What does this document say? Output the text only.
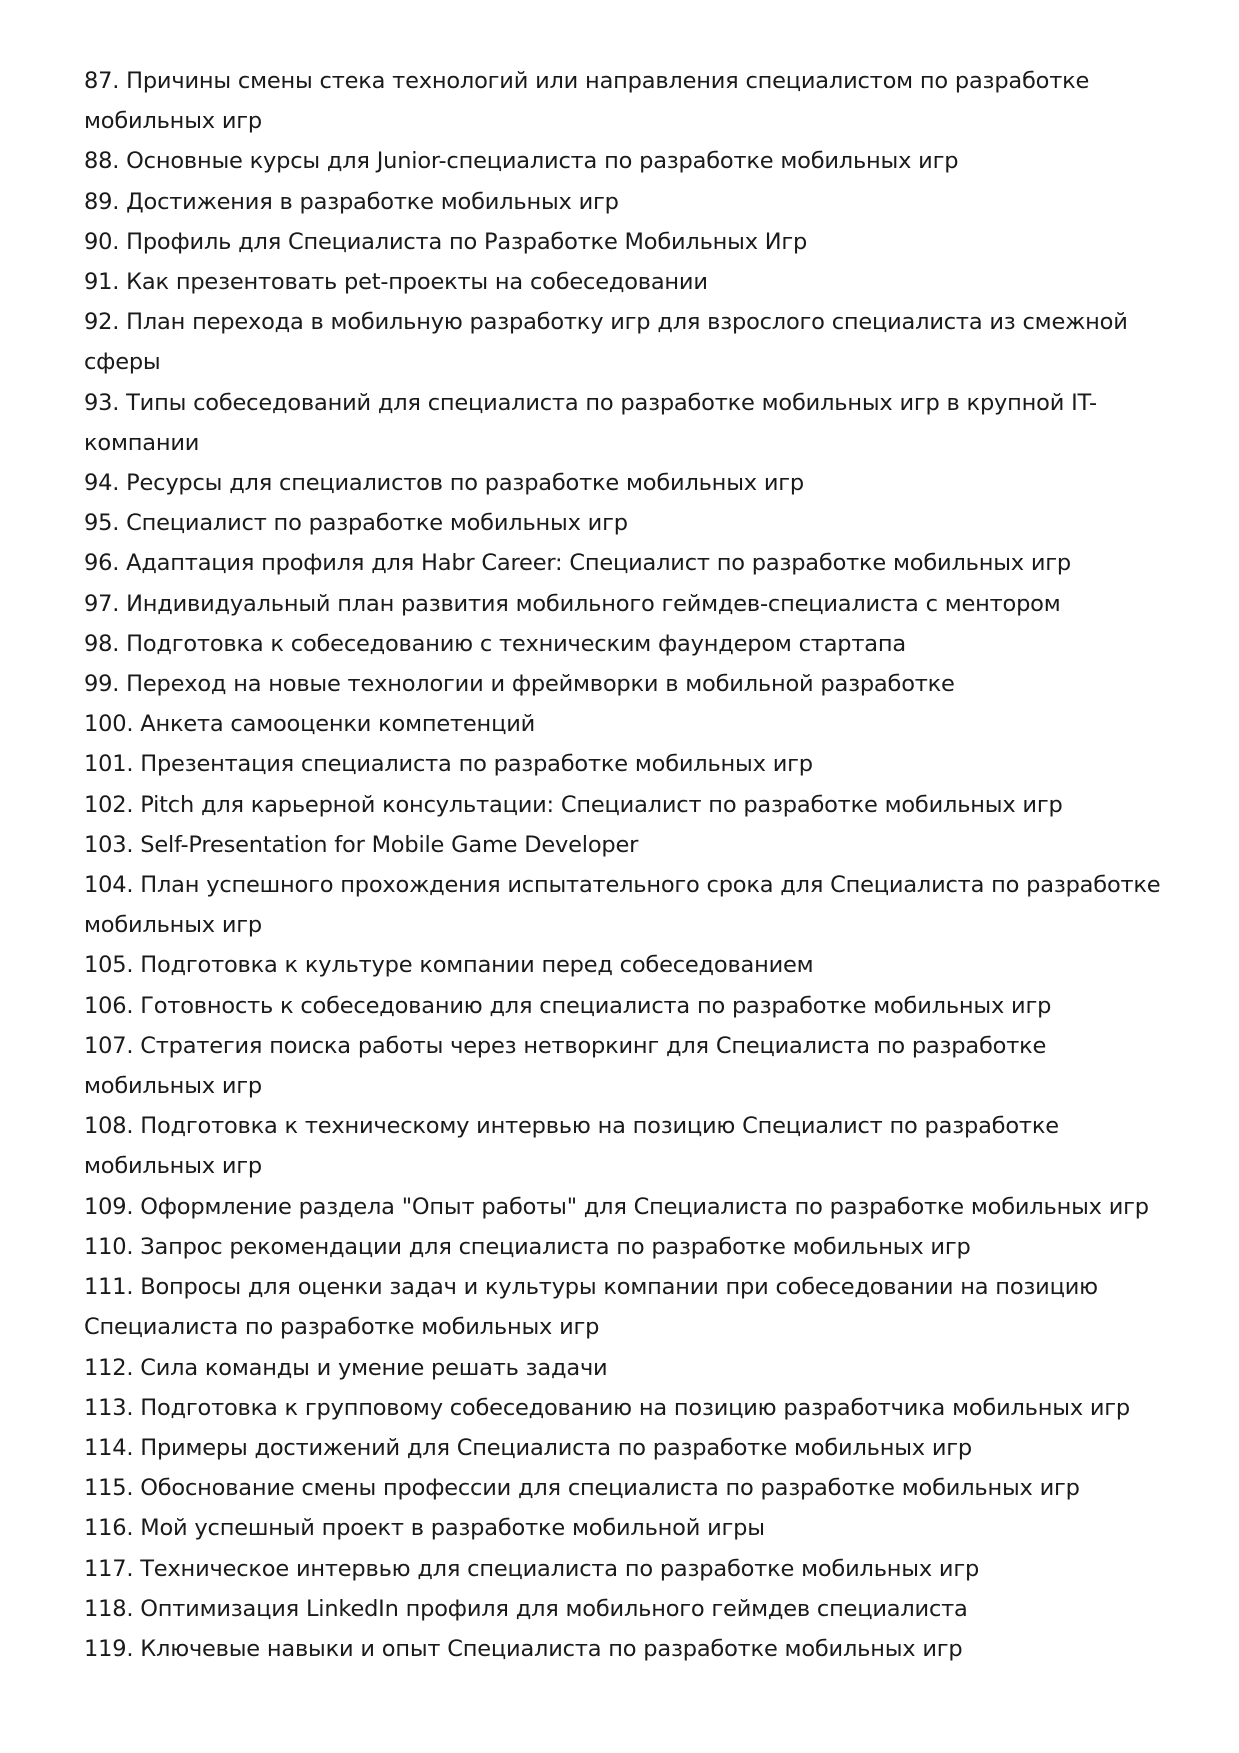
87. Причины смены стека технологий или направления специалистом по разработке мобильных игр
88. Основные курсы для Junior-специалиста по разработке мобильных игр
89. Достижения в разработке мобильных игр
90. Профиль для Специалиста по Разработке Мобильных Игр
91. Как презентовать pet-проекты на собеседовании
92. План перехода в мобильную разработку игр для взрослого специалиста из смежной сферы
93. Типы собеседований для специалиста по разработке мобильных игр в крупной IT-компании
94. Ресурсы для специалистов по разработке мобильных игр
95. Специалист по разработке мобильных игр
96. Адаптация профиля для Habr Career: Специалист по разработке мобильных игр
97. Индивидуальный план развития мобильного геймдев-специалиста с ментором
98. Подготовка к собеседованию с техническим фаундером стартапа
99. Переход на новые технологии и фреймворки в мобильной разработке
100. Анкета самооценки компетенций
101. Презентация специалиста по разработке мобильных игр
102. Pitch для карьерной консультации: Специалист по разработке мобильных игр
103. Self-Presentation for Mobile Game Developer
104. План успешного прохождения испытательного срока для Специалиста по разработке мобильных игр
105. Подготовка к культуре компании перед собеседованием
106. Готовность к собеседованию для специалиста по разработке мобильных игр
107. Стратегия поиска работы через нетворкинг для Специалиста по разработке мобильных игр
108. Подготовка к техническому интервью на позицию Специалист по разработке мобильных игр
109. Оформление раздела "Опыт работы" для Специалиста по разработке мобильных игр
110. Запрос рекомендации для специалиста по разработке мобильных игр
111. Вопросы для оценки задач и культуры компании при собеседовании на позицию Специалиста по разработке мобильных игр
112. Сила команды и умение решать задачи
113. Подготовка к групповому собеседованию на позицию разработчика мобильных игр
114. Примеры достижений для Специалиста по разработке мобильных игр
115. Обоснование смены профессии для специалиста по разработке мобильных игр
116. Мой успешный проект в разработке мобильной игры
117. Техническое интервью для специалиста по разработке мобильных игр
118. Оптимизация LinkedIn профиля для мобильного геймдев специалиста
119. Ключевые навыки и опыт Специалиста по разработке мобильных игр
